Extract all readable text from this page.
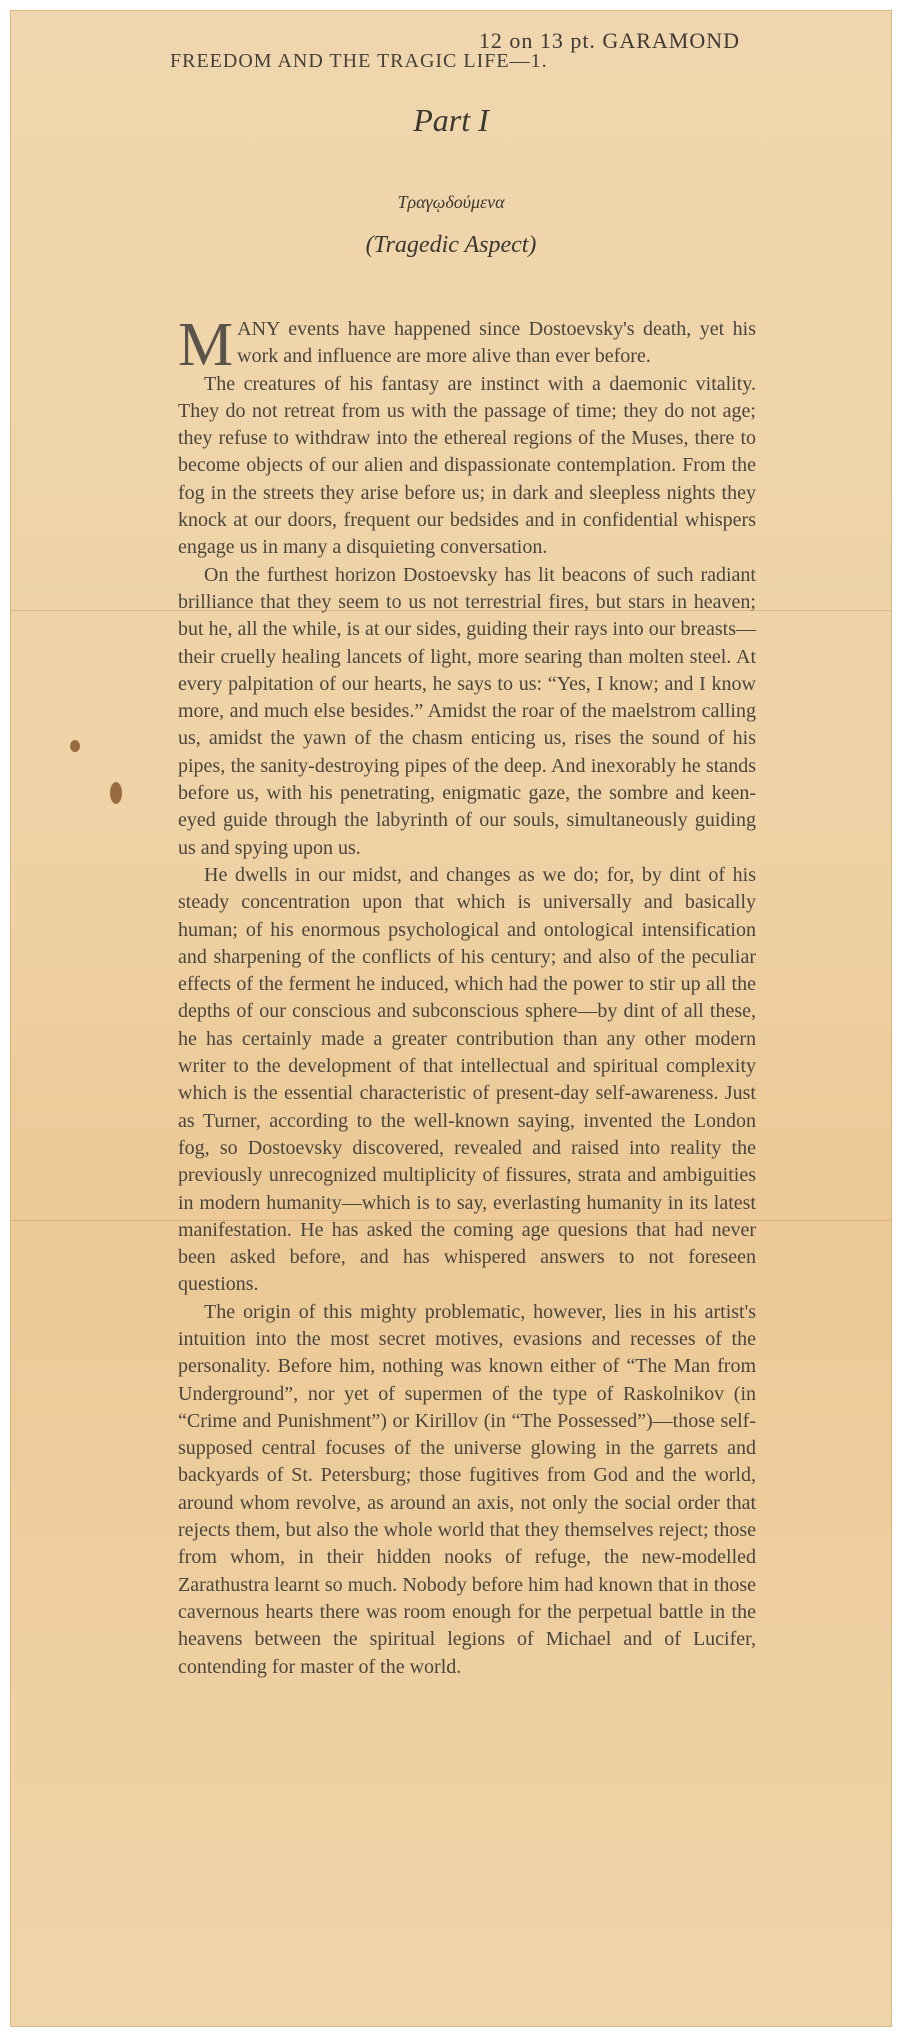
12 on 13 pt. GARAMOND
FREEDOM AND THE TRAGIC LIFE—1.
Part I
Τραγῳδούμενα
(Tragedic Aspect)

MANY events have happened since Dostoevsky's death, yet his work and influence are more alive than ever before.

The creatures of his fantasy are instinct with a daemonic vitality. They do not retreat from us with the passage of time; they do not age; they refuse to withdraw into the ethereal regions of the Muses, there to become objects of our alien and dispassionate contemplation. From the fog in the streets they arise before us; in dark and sleepless nights they knock at our doors, frequent our bedsides and in confidential whispers engage us in many a disquieting conversation.

On the furthest horizon Dostoevsky has lit beacons of such radiant brilliance that they seem to us not terrestrial fires, but stars in heaven; but he, all the while, is at our sides, guiding their rays into our breasts—their cruelly healing lancets of light, more searing than molten steel. At every palpitation of our hearts, he says to us: “Yes, I know; and I know more, and much else besides.” Amidst the roar of the maelstrom calling us, amidst the yawn of the chasm enticing us, rises the sound of his pipes, the sanity-destroying pipes of the deep. And inexorably he stands before us, with his penetrating, enigmatic gaze, the sombre and keen-eyed guide through the labyrinth of our souls, simultaneously guiding us and spying upon us.

He dwells in our midst, and changes as we do; for, by dint of his steady concentration upon that which is universally and basically human; of his enormous psychological and ontological intensification and sharpening of the conflicts of his century; and also of the peculiar effects of the ferment he induced, which had the power to stir up all the depths of our conscious and subconscious sphere—by dint of all these, he has certainly made a greater contribution than any other modern writer to the development of that intellectual and spiritual complexity which is the essential characteristic of present-day self-awareness. Just as Turner, according to the well-known saying, invented the London fog, so Dostoevsky discovered, revealed and raised into reality the previously unrecognized multiplicity of fissures, strata and ambiguities in modern humanity—which is to say, everlasting humanity in its latest manifestation. He has asked the coming age quesions that had never been asked before, and has whispered answers to not foreseen questions.

The origin of this mighty problematic, however, lies in his artist's intuition into the most secret motives, evasions and recesses of the personality. Before him, nothing was known either of “The Man from Underground”, nor yet of supermen of the type of Raskolnikov (in “Crime and Punishment”) or Kirillov (in “The Possessed”)—those self-supposed central focuses of the universe glowing in the garrets and backyards of St. Petersburg; those fugitives from God and the world, around whom revolve, as around an axis, not only the social order that rejects them, but also the whole world that they themselves reject; those from whom, in their hidden nooks of refuge, the new-modelled Zarathustra learnt so much. Nobody before him had known that in those cavernous hearts there was room enough for the perpetual battle in the heavens between the spiritual legions of Michael and of Lucifer, contending for master of the world.
